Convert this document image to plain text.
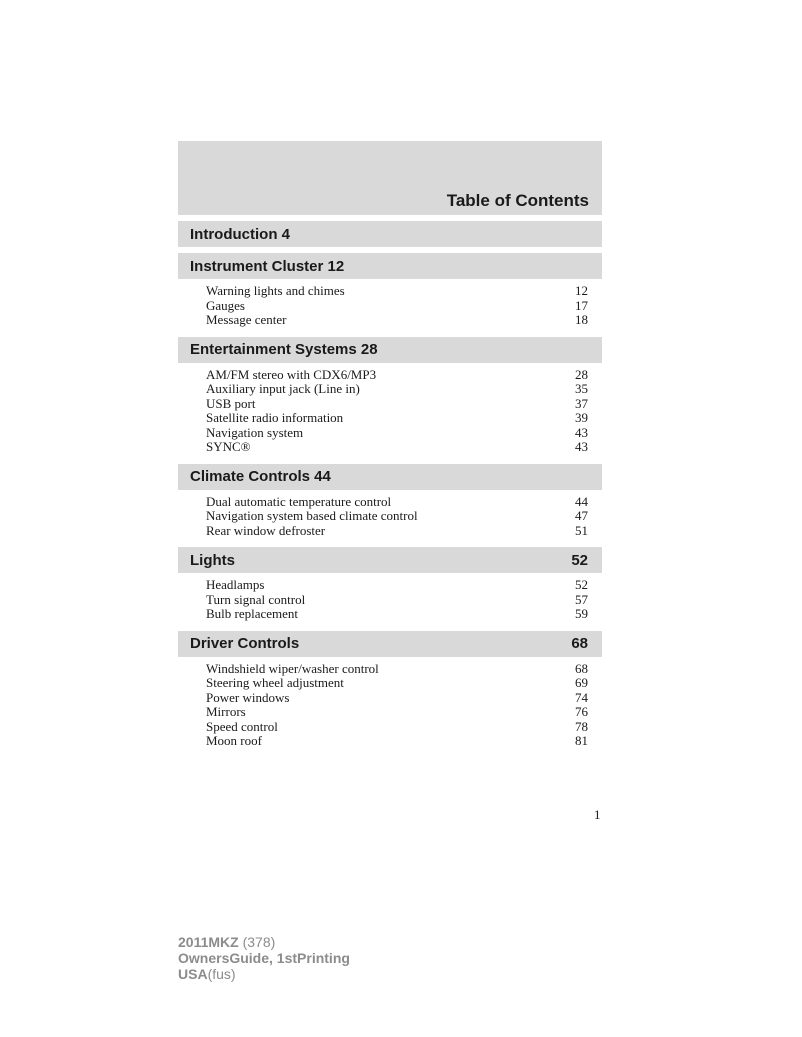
Table of Contents
Introduction 4
Instrument Cluster 12
Warning lights and chimes	12
Gauges	17
Message center	18
Entertainment Systems 28
AM/FM stereo with CDX6/MP3	28
Auxiliary input jack (Line in)	35
USB port	37
Satellite radio information	39
Navigation system	43
SYNC®	43
Climate Controls 44
Dual automatic temperature control	44
Navigation system based climate control	47
Rear window defroster	51
Lights	52
Headlamps	52
Turn signal control	57
Bulb replacement	59
Driver Controls	68
Windshield wiper/washer control	68
Steering wheel adjustment	69
Power windows	74
Mirrors	76
Speed control	78
Moon roof	81
1
2011MKZ (378)
OwnersGuide, 1stPrinting
USA(fus)
